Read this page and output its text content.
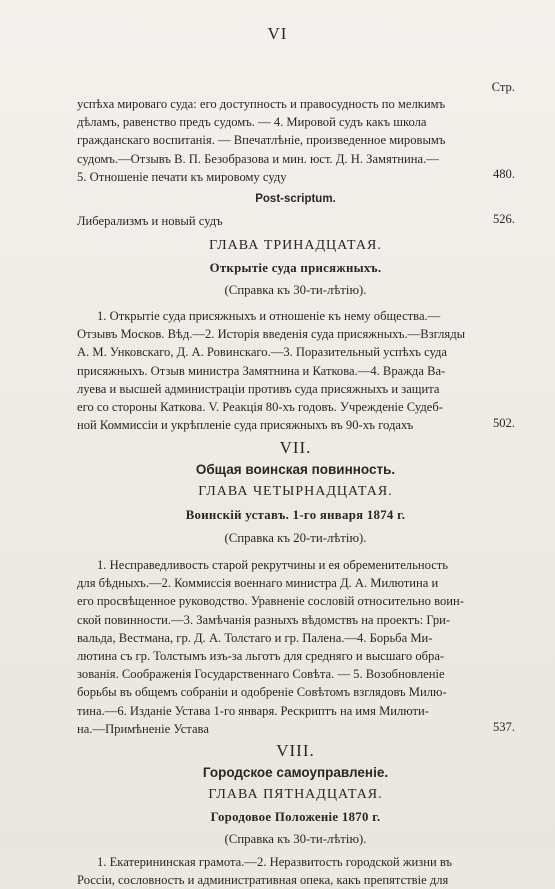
VI
Стр.
успѣха мироваго суда: его доступность и правосудность по мелкимъ
дѣламъ, равенство предъ судомъ. — 4. Мировой судъ какъ школа
гражданскаго воспитанія. — Впечатлѣніе, произведенное мировымъ
судомъ.—Отзывъ В. П. Безобразова и мин. юст. Д. Н. Замятнина.—
5. Отношеніе печати къ мировому суду	480.
Post-scriptum.
Либерализмъ и новый судъ	526.
ГЛАВА ТРИНАДЦАТАЯ.
Открытіе суда присяжныхъ.
(Справка къ 30-ти-лѣтію).
1. Открытіе суда присяжныхъ и отношеніе къ нему общества.—
Отзывъ Москов. Вѣд.—2. Исторія введенія суда присяжныхъ.—Взгляды
А. М. Унковскаго, Д. А. Ровинскаго.—3. Поразительный успѣхъ суда
присяжныхъ. Отзыв министра Замятнина и Каткова.—4. Вражда Ва-
луева и высшей администраціи противъ суда присяжныхъ и защита
его со стороны Каткова. V. Реакція 80-хъ годовъ. Учрежденіе Судеб-
ной Коммиссіи и укрѣпленіе суда присяжныхъ въ 90-хъ годахъ	502.
VII.
Общая воинская повинность.
ГЛАВА ЧЕТЫРНАДЦАТАЯ.
Воинскій уставъ. 1-го января 1874 г.
(Справка къ 20-ти-лѣтію).
1. Несправедливость старой рекрутчины и ея обременительность
для бѣдныхъ.—2. Коммиссія военнаго министра Д. А. Милютина и
его просвѣщенное руководство. Уравненіе сословій относительно воин-
ской повинности.—3. Замѣчанія разныхъ вѣдомствъ на проектъ: Гри-
вальда, Вестмана, гр. Д. А. Толстаго и гр. Палена.—4. Борьба Ми-
лютина съ гр. Толстымъ изъ-за льготъ для средняго и высшаго обра-
зованія. Соображенія Государственнаго Совѣта. — 5. Возобновленіе
борьбы въ общемъ собраніи и одобреніе Совѣтомъ взглядовъ Милю-
тина.—6. Изданіе Устава 1-го января. Рескриптъ на имя Милюти-
на.—Примѣненіе Устава	537.
VIII.
Городское самоуправленіе.
ГЛАВА ПЯТНАДЦАТАЯ.
Городовое Положеніе 1870 г.
(Справка къ 30-ти-лѣтію).
1. Екатерининская грамота.—2. Неразвитость городской жизни въ
Россіи, сословность и административная опека, какъ препятствіе для
